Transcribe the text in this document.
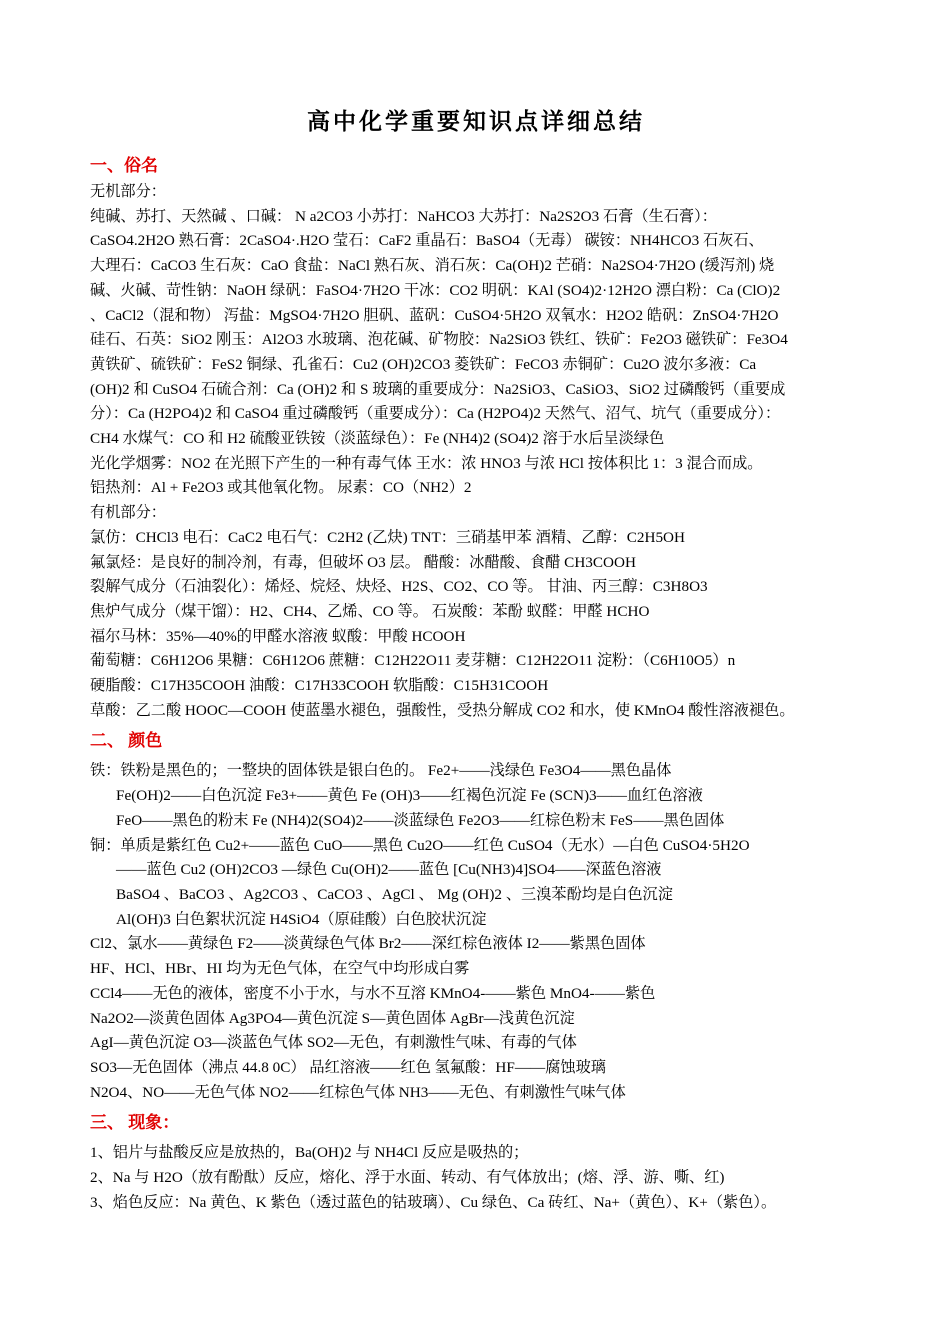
高中化学重要知识点详细总结
一、俗名
无机部分：
纯碱、苏打、天然碱 、口碱： N a2CO3 小苏打：NaHCO3 大苏打：Na2S2O3 石膏（生石膏）：
CaSO4.2H2O 熟石膏：2CaSO4·.H2O 莹石：CaF2 重晶石：BaSO4（无毒） 碳铵：NH4HCO3 石灰石、
大理石：CaCO3 生石灰：CaO 食盐：NaCl 熟石灰、消石灰：Ca(OH)2 芒硝：Na2SO4·7H2O (缓泻剂) 烧
碱、火碱、苛性钠：NaOH 绿矾：FaSO4·7H2O 干冰：CO2 明矾：KAl (SO4)2·12H2O 漂白粉：Ca (ClO)2
、CaCl2（混和物） 泻盐：MgSO4·7H2O 胆矾、蓝矾：CuSO4·5H2O 双氧水：H2O2 皓矾：ZnSO4·7H2O
硅石、石英：SiO2 刚玉：Al2O3 水玻璃、泡花碱、矿物胶：Na2SiO3 铁红、铁矿：Fe2O3 磁铁矿：Fe3O4
黄铁矿、硫铁矿：FeS2 铜绿、孔雀石：Cu2 (OH)2CO3 菱铁矿：FeCO3 赤铜矿：Cu2O 波尔多液：Ca
(OH)2 和 CuSO4 石硫合剂：Ca (OH)2 和 S 玻璃的重要成分：Na2SiO3、CaSiO3、SiO2 过磷酸钙（重要成
分）：Ca (H2PO4)2 和 CaSO4 重过磷酸钙（重要成分）：Ca (H2PO4)2 天然气、沼气、坑气（重要成分）：
CH4 水煤气：CO 和 H2 硫酸亚铁铵（淡蓝绿色）：Fe (NH4)2 (SO4)2 溶于水后呈淡绿色
光化学烟雾：NO2 在光照下产生的一种有毒气体 王水：浓 HNO3 与浓 HCl 按体积比 1：3 混合而成。
铝热剂：Al + Fe2O3 或其他氧化物。 尿素：CO（NH2）2
有机部分：
氯仿：CHCl3 电石：CaC2 电石气：C2H2 (乙炔) TNT：三硝基甲苯 酒精、乙醇：C2H5OH
氟氯烃：是良好的制冷剂，有毒，但破坏 O3 层。 醋酸：冰醋酸、食醋 CH3COOH
裂解气成分（石油裂化）：烯烃、烷烃、炔烃、H2S、CO2、CO 等。 甘油、丙三醇：C3H8O3
焦炉气成分（煤干馏）：H2、CH4、乙烯、CO 等。 石炭酸：苯酚 蚁醛：甲醛 HCHO
福尔马林：35%—40%的甲醛水溶液 蚁酸：甲酸 HCOOH
葡萄糖：C6H12O6 果糖：C6H12O6 蔗糖：C12H22O11 麦芽糖：C12H22O11 淀粉：（C6H10O5）n
硬脂酸：C17H35COOH 油酸：C17H33COOH 软脂酸：C15H31COOH
草酸：乙二酸 HOOC—COOH 使蓝墨水褪色，强酸性，受热分解成 CO2 和水，使 KMnO4 酸性溶液褪色。
二、 颜色
铁：铁粉是黑色的；一整块的固体铁是银白色的。 Fe2+——浅绿色 Fe3O4——黑色晶体
Fe(OH)2——白色沉淀 Fe3+——黄色 Fe (OH)3——红褐色沉淀 Fe (SCN)3——血红色溶液
FeO——黑色的粉末 Fe (NH4)2(SO4)2——淡蓝绿色 Fe2O3——红棕色粉末 FeS——黑色固体
铜：单质是紫红色 Cu2+——蓝色 CuO——黑色 Cu2O——红色 CuSO4（无水）—白色 CuSO4·5H2O
——蓝色 Cu2 (OH)2CO3 —绿色 Cu(OH)2——蓝色 [Cu(NH3)4]SO4——深蓝色溶液
BaSO4 、BaCO3 、Ag2CO3 、CaCO3 、AgCl 、 Mg (OH)2 、三溴苯酚均是白色沉淀
Al(OH)3 白色絮状沉淀 H4SiO4（原硅酸）白色胶状沉淀
Cl2、氯水——黄绿色 F2——淡黄绿色气体 Br2——深红棕色液体 I2——紫黑色固体
HF、HCl、HBr、HI 均为无色气体，在空气中均形成白雾
CCl4——无色的液体，密度不小于水，与水不互溶 KMnO4-——紫色 MnO4-——紫色
Na2O2—淡黄色固体 Ag3PO4—黄色沉淀 S—黄色固体 AgBr—浅黄色沉淀
AgI—黄色沉淀 O3—淡蓝色气体 SO2—无色，有刺激性气味、有毒的气体
SO3—无色固体（沸点 44.8 0C） 品红溶液——红色 氢氟酸：HF——腐蚀玻璃
N2O4、NO——无色气体 NO2——红棕色气体 NH3——无色、有刺激性气味气体
三、 现象：
1、铝片与盐酸反应是放热的，Ba(OH)2 与 NH4Cl 反应是吸热的；
2、Na 与 H2O（放有酚酞）反应，熔化、浮于水面、转动、有气体放出；(熔、浮、游、嘶、红)
3、焰色反应：Na 黄色、K 紫色（透过蓝色的钴玻璃）、Cu 绿色、Ca 砖红、Na+（黄色）、K+（紫色）。
